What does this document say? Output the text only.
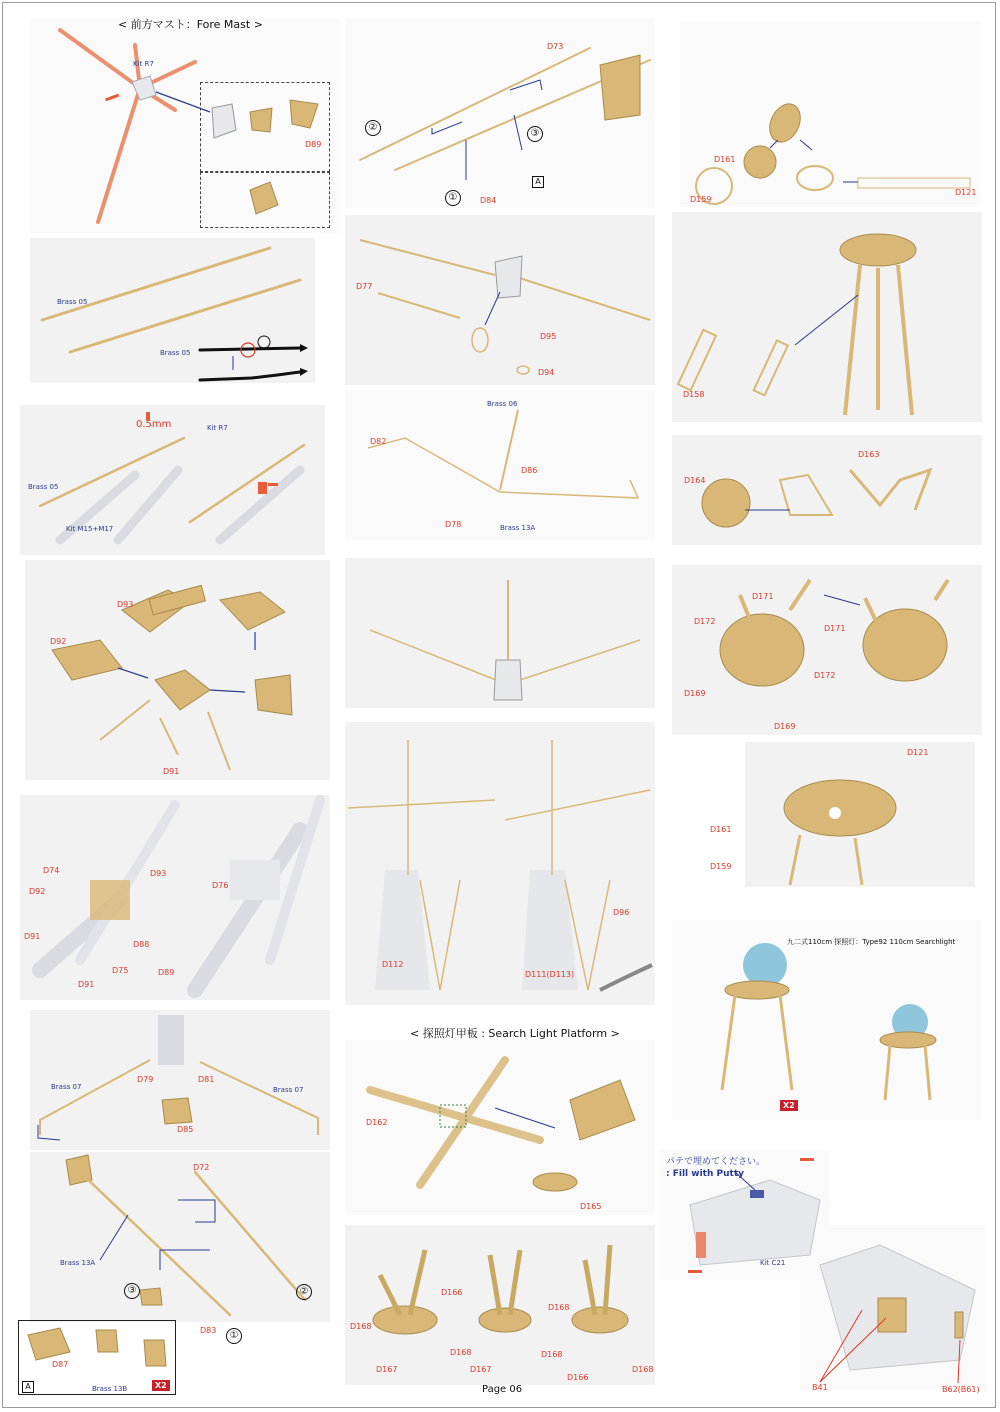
< 前方マスト：Fore Mast >
< 探照灯甲板 : Search Light Platform >
九二式110cm 探照灯：Type92 110cm Searchlight
パテで埋めてください。
: Fill with Putty
Page 06
Kit R7
D89
Brass 05
Brass 05
0.5mm	Kit R7
Brass 05
Kit M15+M17
D93
D92
D91
D74	D93
D92
D91
D88
D75
D91
D76
D89
Brass 07	Brass 07
D79	D81
D85
D72
Brass 13A
D83
D87
Brass 13B	X2
A
②
③
①
D73
②
③
①	D84
A
D77
D95
D94
Brass 06
D82
D86
D78	Brass 13A
D112
D96
D111(D113)
D162
D165
D166
D168
D168
D167
D168
D167
D168
D168
D166
D161
D159
D121
D158
D164
D163
D171
D172
D171
D172
D169
D169
D121
D161
D159
X2
Kit C21
B41	B62(B61)
